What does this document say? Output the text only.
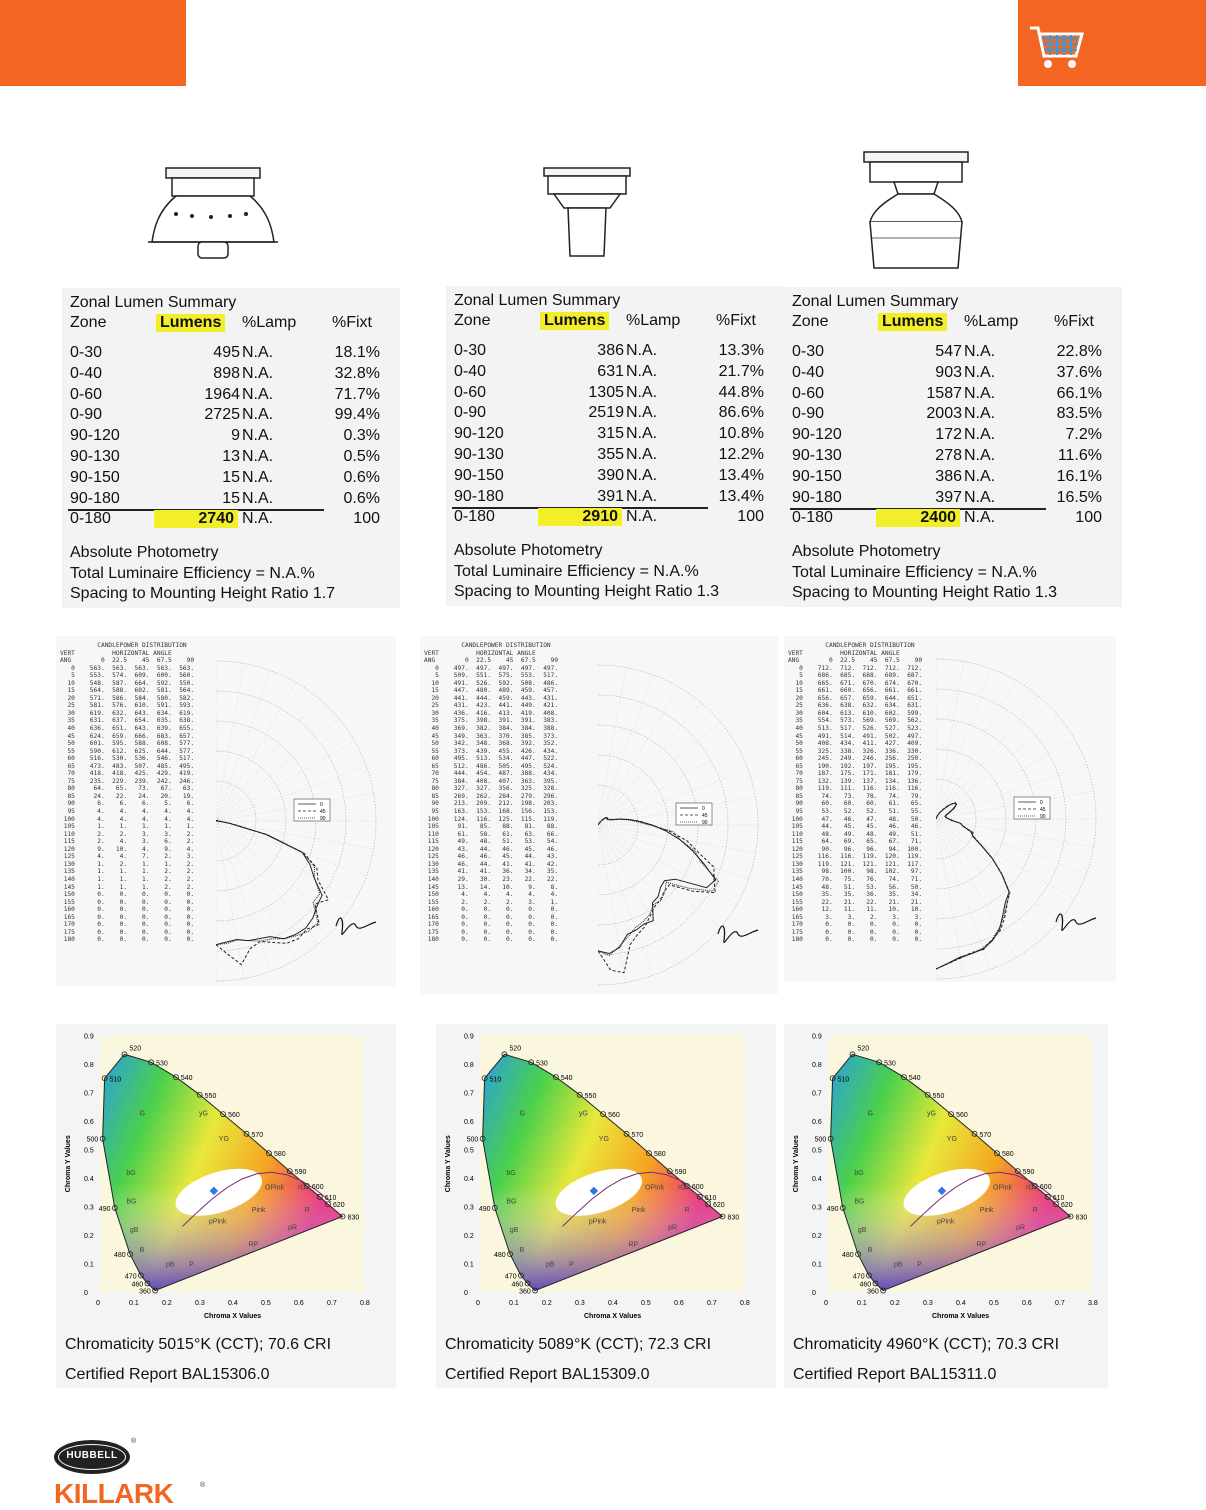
Zonal Lumen Summary
Zone	Lumens %Lamp %Fixt
0-30	495 N.A.	18.1%
0-40	898 N.A.	32.8%
0-60	1964 N.A.	71.7%
0-90	2725 N.A.	99.4%
90-120	9 N.A.	0.3%
90-130	13 N.A.	0.5%
90-150	15 N.A.	0.6%
90-180	15 N.A.	0.6%
0-180	2740 N.A.	100
Absolute Photometry
Total Luminaire Efficiency = N.A.%
Spacing to Mounting Height Ratio 1.7
Zonal Lumen Summary
Zone	Lumens %Lamp %Fixt
0-30	386 N.A.	13.3%
0-40	631 N.A.	21.7%
0-60	1305 N.A.	44.8%
0-90	2519 N.A.	86.6%
90-120	315 N.A.	10.8%
90-130	355 N.A.	12.2%
90-150	390 N.A.	13.4%
90-180	391 N.A.	13.4%
0-180	2910 N.A.	100
Absolute Photometry
Total Luminaire Efficiency = N.A.%
Spacing to Mounting Height Ratio 1.3
Zonal Lumen Summary
Zone	Lumens %Lamp %Fixt
0-30	547 N.A.	22.8%
0-40	903 N.A.	37.6%
0-60	1587 N.A.	66.1%
0-90	2003 N.A.	83.5%
90-120	172 N.A.	7.2%
90-130	278 N.A.	11.6%
90-150	386 N.A.	16.1%
90-180	397 N.A.	16.5%
0-180	2400 N.A.	100
Absolute Photometry
Total Luminaire Efficiency = N.A.%
Spacing to Mounting Height Ratio 1.3
CANDLEPOWER DISTRIBUTION
VERT          HORIZONTAL ANGLE
ANG        0  22.5    45  67.5    90
0    563.  563.  563.  563.  563.
5    553.  574.  609.  600.  560.
10    548.  587.  664.  592.  550.
15    564.  588.  602.  581.  564.
20    571.  586.  584.  580.  582.
25    581.  576.  610.  591.  593.
30    619.  632.  643.  634.  619.
35    631.  637.  654.  635.  638.
40    636.  651.  643.  639.  655.
45    624.  659.  666.  683.  657.
50    601.  595.  588.  608.  577.
55    590.  612.  625.  644.  577.
60    516.  530.  536.  546.  517.
65    473.  483.  507.  485.  495.
70    418.  418.  425.  429.  419.
75    235.  229.  239.  242.  246.
80     64.   65.   73.   67.   63.
85     24.   22.   24.   20.   19.
90      6.    6.    6.    5.    6.
95      4.    4.    4.    4.    4.
100      4.    4.    4.    4.    4.
105      1.    1.    1.    1.    1.
110      2.    2.    3.    3.    2.
115      2.    4.    3.    6.    2.
120      9.   10.    4.    9.    4.
125      4.    4.    7.    2.    3.
130      1.    2.    1.    1.    2.
135      1.    1.    1.    2.    2.
140      1.    1.    1.    2.    2.
145      1.    1.    1.    2.    2.
150      0.    0.    0.    0.    0.
155      0.    0.    0.    0.    0.
160      0.    0.    0.    0.    0.
165      0.    0.    0.    0.    0.
170      0.    0.    0.    0.    0.
175      0.    0.    0.    0.    0.
180      0.    0.    0.    0.    0.
0
45
90
CANDLEPOWER DISTRIBUTION
VERT          HORIZONTAL ANGLE
ANG        0  22.5    45  67.5    90
0    497.  497.  497.  497.  497.
5    509.  551.  575.  553.  517.
10    491.  526.  592.  508.  486.
15    447.  480.  489.  459.  457.
20    441.  444.  459.  443.  431.
25    431.  423.  441.  449.  421.
30    436.  416.  413.  419.  408.
35    375.  398.  391.  391.  383.
40    369.  382.  384.  384.  388.
45    349.  363.  370.  385.  373.
50    342.  348.  368.  392.  352.
55    373.  439.  455.  426.  434.
60    495.  513.  534.  447.  522.
65    512.  486.  505.  495.  524.
70    444.  454.  487.  388.  434.
75    384.  408.  407.  363.  395.
80    327.  327.  356.  325.  328.
85    269.  262.  284.  279.  296.
90    213.  209.  212.  198.  203.
95    163.  153.  168.  156.  153.
100    124.  116.  125.  115.  119.
105     91.   85.   88.   81.   88.
110     61.   58.   61.   63.   66.
115     49.   48.   51.   53.   54.
120     43.   44.   46.   45.   46.
125     46.   46.   45.   44.   43.
130     46.   44.   41.   41.   42.
135     41.   41.   36.   34.   35.
140     29.   30.   23.   22.   22.
145     13.   14.   10.    9.    8.
150      4.    4.    4.    4.    4.
155      2.    2.    2.    3.    1.
160      0.    0.    0.    0.    0.
165      0.    0.    0.    0.    0.
170      0.    0.    0.    0.    0.
175      0.    0.    0.    0.    0.
180      0.    0.    0.    0.    0.
0
45
90
CANDLEPOWER DISTRIBUTION
VERT          HORIZONTAL ANGLE
ANG        0  22.5    45  67.5    90
0    712.  712.  712.  712.  712.
5    686.  685.  688.  689.  687.
10    665.  671.  670.  674.  670.
15    661.  660.  656.  661.  661.
20    656.  657.  659.  644.  651.
25    636.  638.  632.  634.  631.
30    604.  613.  610.  602.  599.
35    554.  573.  569.  569.  562.
40    513.  517.  526.  527.  523.
45    491.  514.  491.  502.  497.
50    408.  434.  411.  427.  409.
55    325.  338.  326.  336.  330.
60    245.  249.  246.  256.  250.
65    190.  192.  197.  195.  195.
70    187.  175.  171.  181.  179.
75    132.  139.  137.  134.  136.
80    119.  111.  116.  116.  116.
85     74.   73.   78.   74.   79.
90     60.   60.   60.   61.   65.
95     53.   52.   52.   51.   55.
100     47.   46.   47.   48.   50.
105     44.   45.   45.   46.   46.
110     48.   49.   48.   49.   51.
115     64.   69.   65.   67.   71.
120     90.   96.   96.   94.  100.
125    116.  116.  119.  120.  119.
130    119.  121.  121.  121.  117.
135     98.  100.   98.  102.   97.
140     70.   75.   76.   74.   71.
145     48.   51.   53.   56.   50.
150     35.   35.   36.   35.   34.
155     22.   21.   22.   21.   21.
160     12.   11.   11.   10.   10.
165      3.    3.    2.    3.    3.
170      0.    0.    0.    0.    0.
175      0.    0.    0.    0.    0.
180      0.    0.    0.    0.    0.
0
45
90
360
460
470
480
490
500
510
520
530
540
550
560
570
580
590
600
610
620
830
G
bG
BG
gB
B
pB P
RP
pPink
Pink
OPink rO
R
pR
YG
yG
0	0.1	0.2	0.3	0.4	0.5	0.6	0.7	0.8
0
0.1
0.2
0.3
0.4
0.5
0.6
0.7
0.8
0.9
Chroma X Values
Chroma Y Values
Chromaticity 5015°K (CCT); 70.6 CRI
Certified Report BAL15306.0
360
460
470
480
490
500
510
520
530
540
550
560
570
580
590
600
610
620
830
G
bG
BG
gB
B
pB P
RP
pPink
Pink
OPink rO
R
pR
YG
yG
0	0.1	0.2	0.3	0.4	0.5	0.6	0.7	0.8
0
0.1
0.2
0.3
0.4
0.5
0.6
0.7
0.8
0.9
Chroma X Values
Chroma Y Values
Chromaticity 5089°K (CCT); 72.3 CRI
Certified Report BAL15309.0
360
460
470
480
490
500
510
520
530
540
550
560
570
580
590
600
610
620
830
G
bG
BG
gB
B
pB P
RP
pPink
Pink
OPink rO
R
pR
YG
yG
0	0.1	0.2	0.3	0.4	0.5	0.6	0.7	3.8
0
0.1
0.2
0.3
0.4
0.5
0.6
0.7
0.8
0.9
Chroma X Values
Chroma Y Values
Chromaticity 4960°K (CCT); 70.3 CRI
Certified Report BAL15311.0
HUBBELL
®
KILLARK	®
